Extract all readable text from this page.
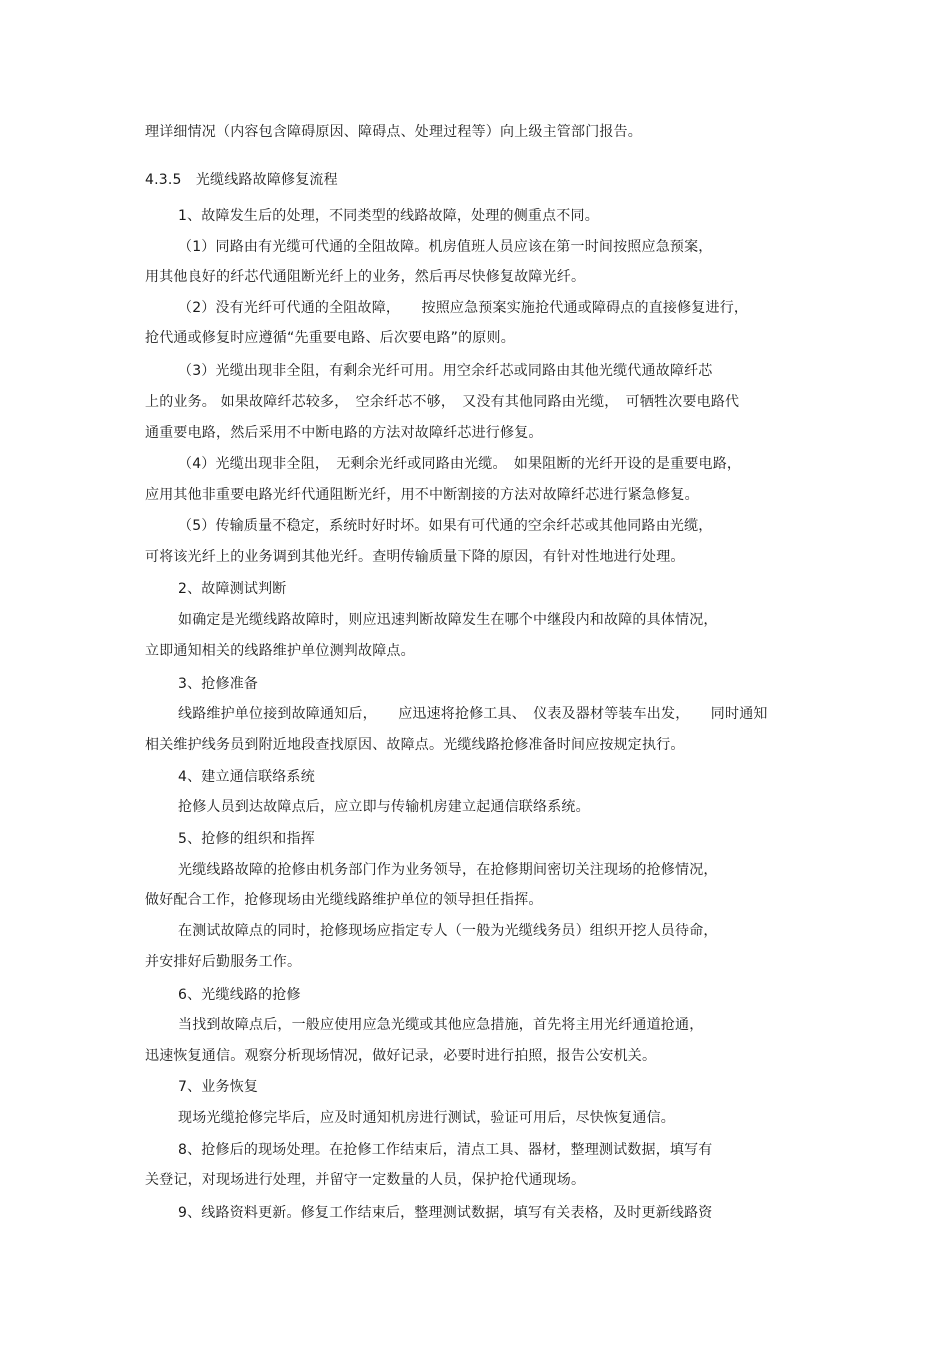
理详细情况（内容包含障碍原因、障碍点、处理过程等）向上级主管部门报告。
4.3.5　光缆线路故障修复流程
1、故障发生后的处理，不同类型的线路故障，处理的侧重点不同。
（1）同路由有光缆可代通的全阻故障。机房值班人员应该在第一时间按照应急预案，
用其他良好的纤芯代通阻断光纤上的业务，然后再尽快修复故障光纤。
（2）没有光纤可代通的全阻故障，　　按照应急预案实施抢代通或障碍点的直接修复进行，
抢代通或修复时应遵循“先重要电路、后次要电路”的原则。
（3）光缆出现非全阻，有剩余光纤可用。用空余纤芯或同路由其他光缆代通故障纤芯
上的业务。 如果故障纤芯较多，　空余纤芯不够，　又没有其他同路由光缆，　可牺牲次要电路代
通重要电路，然后采用不中断电路的方法对故障纤芯进行修复。
（4）光缆出现非全阻，　无剩余光纤或同路由光缆。　如果阻断的光纤开设的是重要电路，
应用其他非重要电路光纤代通阻断光纤，用不中断割接的方法对故障纤芯进行紧急修复。
（5）传输质量不稳定，系统时好时坏。如果有可代通的空余纤芯或其他同路由光缆，
可将该光纤上的业务调到其他光纤。查明传输质量下降的原因，有针对性地进行处理。
2、故障测试判断
如确定是光缆线路故障时，则应迅速判断故障发生在哪个中继段内和故障的具体情况，
立即通知相关的线路维护单位测判故障点。
3、抢修准备
线路维护单位接到故障通知后，　　应迅速将抢修工具、　仪表及器材等装车出发，　　同时通知
相关维护线务员到附近地段查找原因、故障点。光缆线路抢修准备时间应按规定执行。
4、建立通信联络系统
抢修人员到达故障点后，应立即与传输机房建立起通信联络系统。
5、抢修的组织和指挥
光缆线路故障的抢修由机务部门作为业务领导，在抢修期间密切关注现场的抢修情况，
做好配合工作，抢修现场由光缆线路维护单位的领导担任指挥。
在测试故障点的同时，抢修现场应指定专人（一般为光缆线务员）组织开挖人员待命，
并安排好后勤服务工作。
6、光缆线路的抢修
当找到故障点后，一般应使用应急光缆或其他应急措施，首先将主用光纤通道抢通，
迅速恢复通信。观察分析现场情况，做好记录，必要时进行拍照，报告公安机关。
7、业务恢复
现场光缆抢修完毕后，应及时通知机房进行测试，验证可用后，尽快恢复通信。
8、抢修后的现场处理。在抢修工作结束后，清点工具、器材，整理测试数据，填写有
关登记，对现场进行处理，并留守一定数量的人员，保护抢代通现场。
9、线路资料更新。修复工作结束后，整理测试数据，填写有关表格，及时更新线路资
